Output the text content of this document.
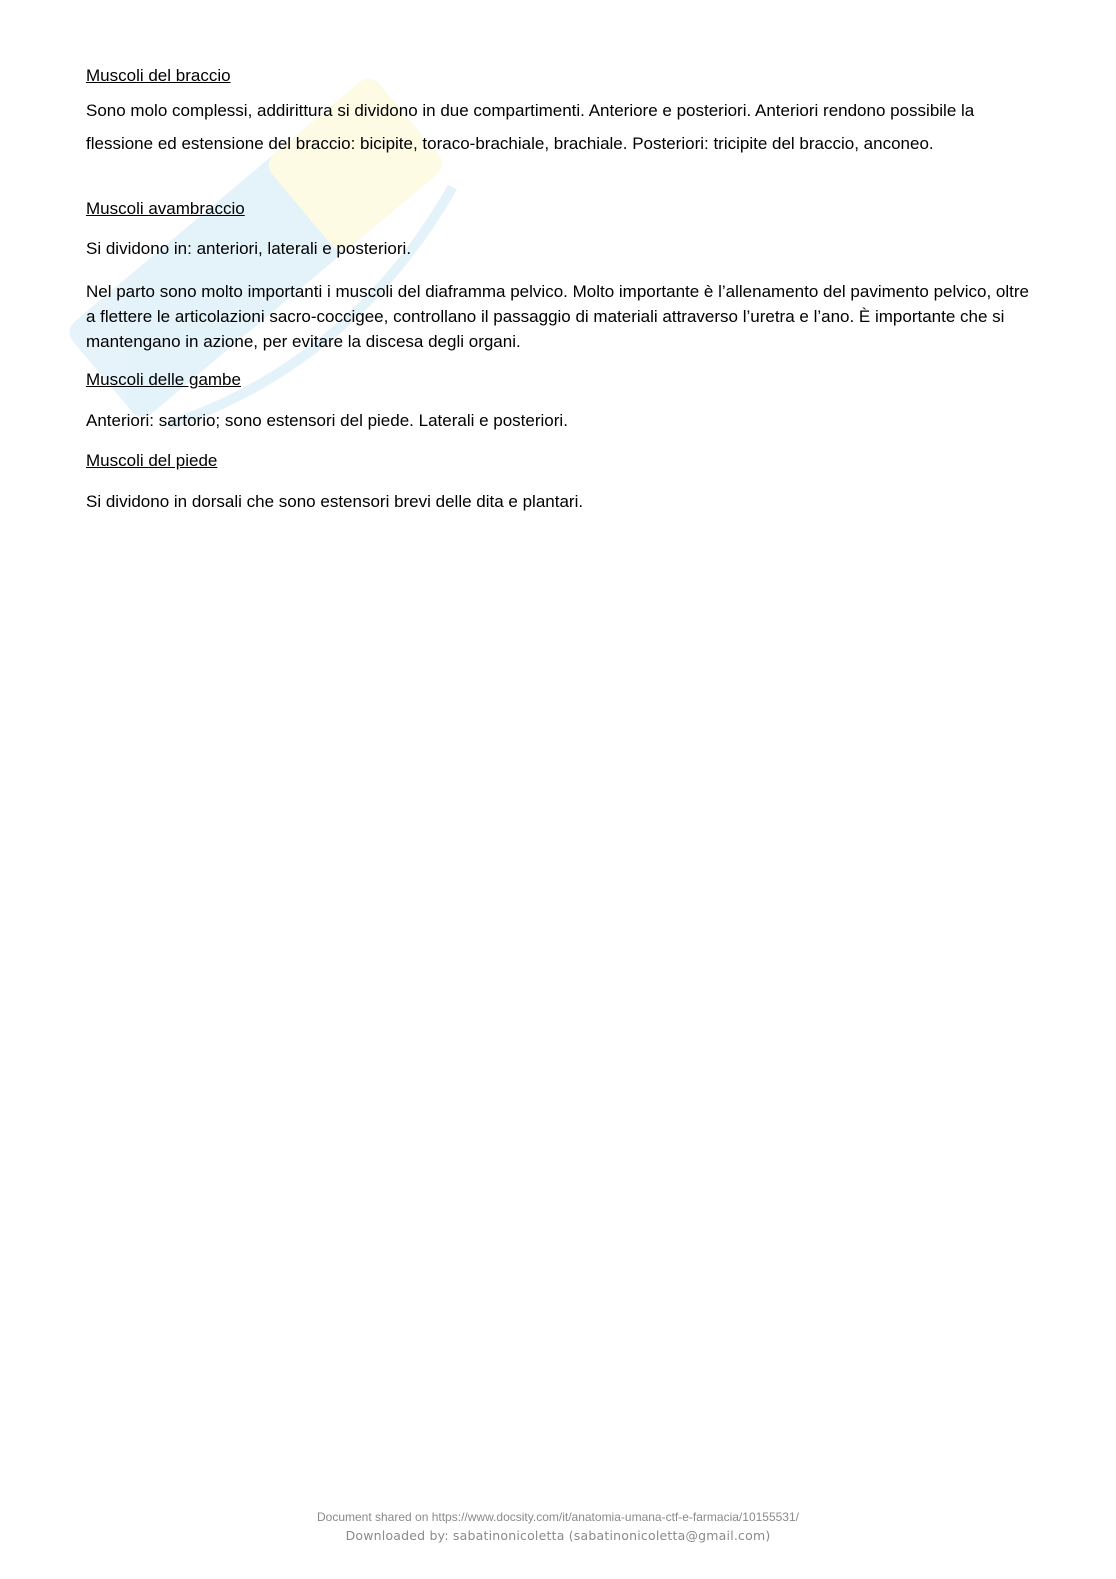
Muscoli del braccio
Sono molo complessi, addirittura si dividono in due compartimenti. Anteriore e posteriori. Anteriori rendono possibile la flessione ed estensione del braccio: bicipite, toraco-brachiale, brachiale. Posteriori: tricipite del braccio, anconeo.
Muscoli avambraccio
Si dividono in: anteriori, laterali e posteriori.
Nel parto sono molto importanti i muscoli del diaframma pelvico. Molto importante è l’allenamento del pavimento pelvico, oltre a flettere le articolazioni sacro-coccigee, controllano il passaggio di materiali attraverso l’uretra e l’ano. È importante che si mantengano in azione, per evitare la discesa degli organi.
Muscoli delle gambe
Anteriori: sartorio; sono estensori del piede. Laterali e posteriori.
Muscoli del piede
Si dividono in dorsali che sono estensori brevi delle dita e plantari.
Document shared on https://www.docsity.com/it/anatomia-umana-ctf-e-farmacia/10155531/
Downloaded by: sabatinonicoletta (sabatinonicoletta@gmail.com)
